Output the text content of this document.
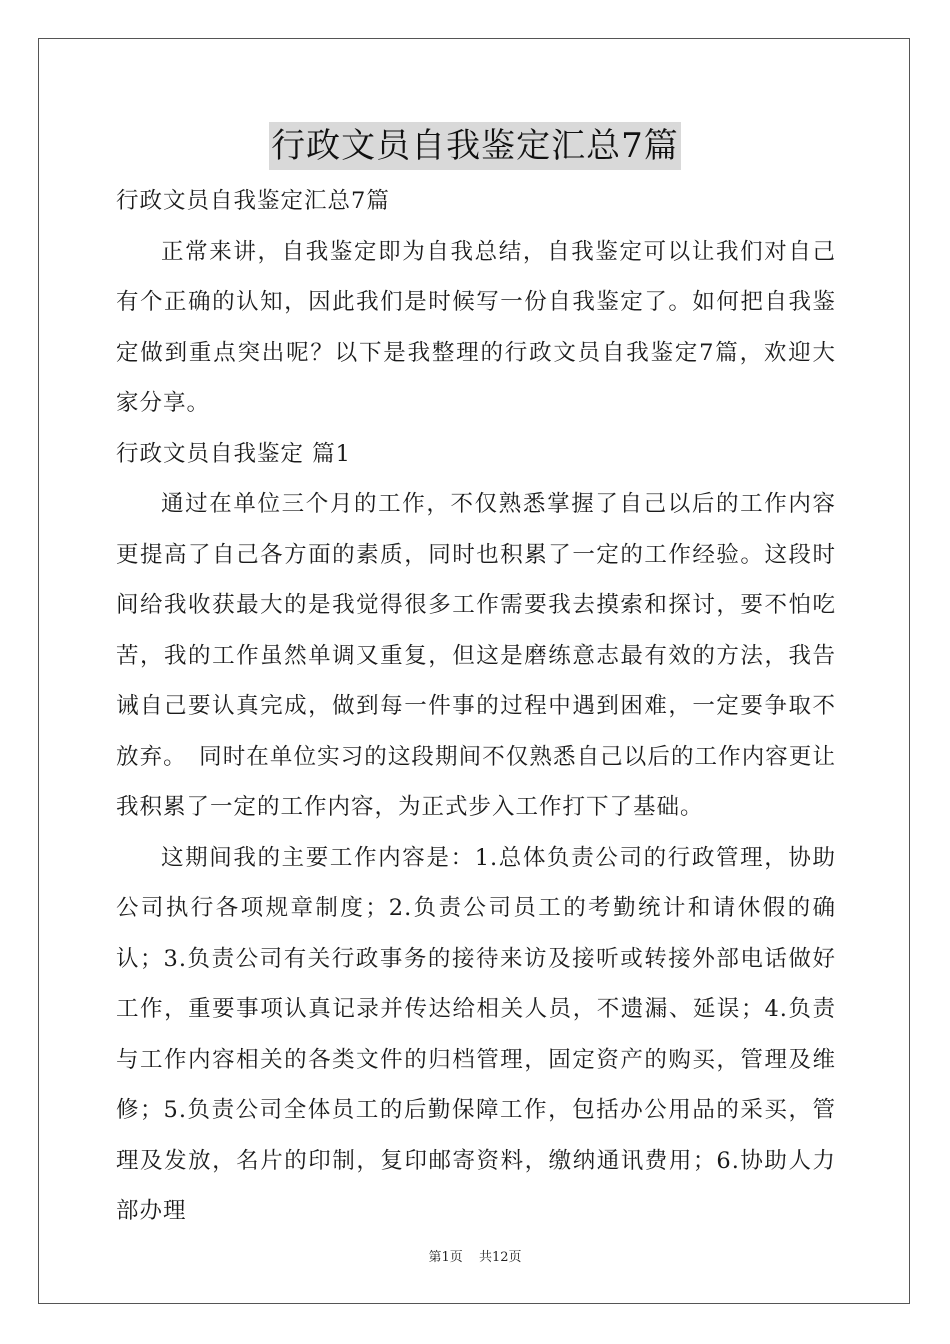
行政文员自我鉴定汇总7篇

行政文员自我鉴定汇总7篇

正常来讲，自我鉴定即为自我总结，自我鉴定可以让我们对自己有个正确的认知，因此我们是时候写一份自我鉴定了。如何把自我鉴定做到重点突出呢？以下是我整理的行政文员自我鉴定7篇，欢迎大家分享。

行政文员自我鉴定 篇1

通过在单位三个月的工作，不仅熟悉掌握了自己以后的工作内容更提高了自己各方面的素质，同时也积累了一定的工作经验。这段时间给我收获最大的是我觉得很多工作需要我去摸索和探讨，要不怕吃苦，我的工作虽然单调又重复，但这是磨练意志最有效的方法，我告诫自己要认真完成，做到每一件事的过程中遇到困难，一定要争取不放弃。　同时在单位实习的这段期间不仅熟悉自己以后的工作内容更让我积累了一定的工作内容，为正式步入工作打下了基础。

这期间我的主要工作内容是：1.总体负责公司的行政管理，协助公司执行各项规章制度；2.负责公司员工的考勤统计和请休假的确认；3.负责公司有关行政事务的接待来访及接听或转接外部电话做好工作，重要事项认真记录并传达给相关人员，不遗漏、延误；4.负责与工作内容相关的各类文件的归档管理，固定资产的购买，管理及维修；5.负责公司全体员工的后勤保障工作，包括办公用品的采买，管理及发放，名片的印制，复印邮寄资料，缴纳通讯费用；6.协助人力部办理

第1页 共12页
